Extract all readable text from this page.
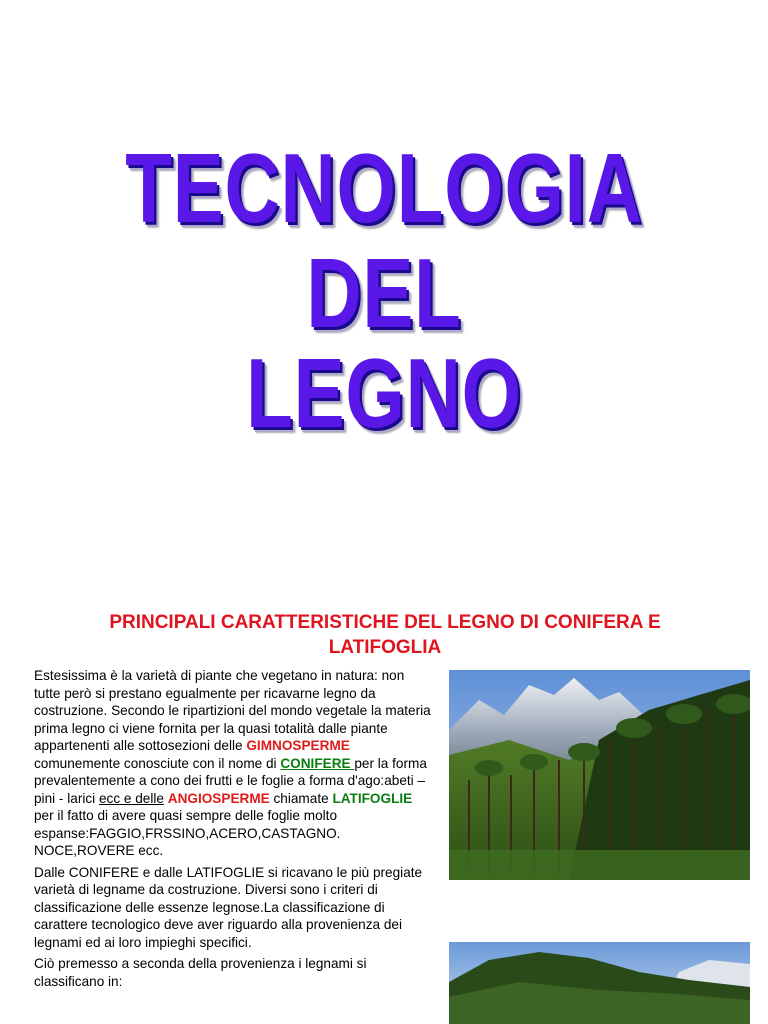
TECNOLOGIA
DEL
LEGNO
PRINCIPALI CARATTERISTICHE DEL LEGNO DI CONIFERA E
LATIFOGLIA

Estesissima è la varietà di piante che vegetano in natura: non tutte però si prestano egualmente per ricavarne legno da costruzione. Secondo le ripartizioni del mondo vegetale la materia prima legno ci viene fornita per la quasi totalità dalle piante appartenenti alle sottosezioni delle GIMNOSPERME comunemente conosciute con il nome di CONIFERE per la forma prevalentemente a cono dei frutti e le foglie a forma d'ago:abeti – pini - larici ecc e delle ANGIOSPERME chiamate LATIFOGLIE per il fatto di avere quasi sempre delle foglie molto espanse:FAGGIO,FRSSINO,ACERO,CASTAGNO. NOCE,ROVERE ecc.

Dalle CONIFERE e dalle LATIFOGLIE si ricavano le più pregiate varietà di legname da costruzione. Diversi sono i criteri di classificazione delle essenze legnose.La classificazione di carattere tecnologico deve aver riguardo alla provenienza dei legnami ed ai loro impieghi specifici.

Ciò premesso a seconda della provenienza i legnami si classificano in:
